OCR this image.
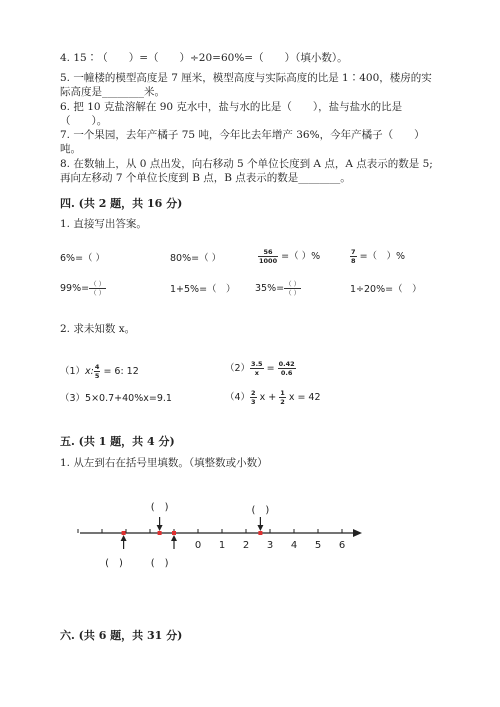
4. 15∶（　　）=（　　）÷20=60%=（　　）（填小数）。
5. 一幢楼的模型高度是 7 厘米，模型高度与实际高度的比是 1∶400，楼房的实
际高度是________米。
6. 把 10 克盐溶解在 90 克水中，盐与水的比是（　　），盐与盐水的比是
（　　）。
7. 一个果园，去年产橘子 75 吨，今年比去年增产 36%，今年产橘子（　　）
吨。
8. 在数轴上，从 0 点出发，向右移动 5 个单位长度到 A 点，A 点表示的数是 5;
再向左移动 7 个单位长度到 B 点，B 点表示的数是________。
四. (共 2 题，共 16 分)
1. 直接写出答案。
6%=（ ）	80%=（ ）	$\frac{56}{1000}$ =（ ）%	$\frac{7}{8}$ =（　）%
$99\%= \frac{( )}{( )}$	1+5%=（　） $35\%= \frac{( )}{( )}$	1÷20%=（　）
2. 求未知数 x。
（1）x: $\frac{4}{5} = 6$: 12	$(2) \frac{3.5}{x} = \frac{0.42}{0.6}$
（3）5×0.7+40%x=9.1	$(4) \frac{2}{3}$ $x + \frac{1}{2}$ x = 42
五. (共 1 题，共 4 分)
1. 从左到右在括号里填数。（填整数或小数）
0 1 2 3 4 5 6
(　)	(　)
(　)	(　)
六. (共 6 题，共 31 分)
